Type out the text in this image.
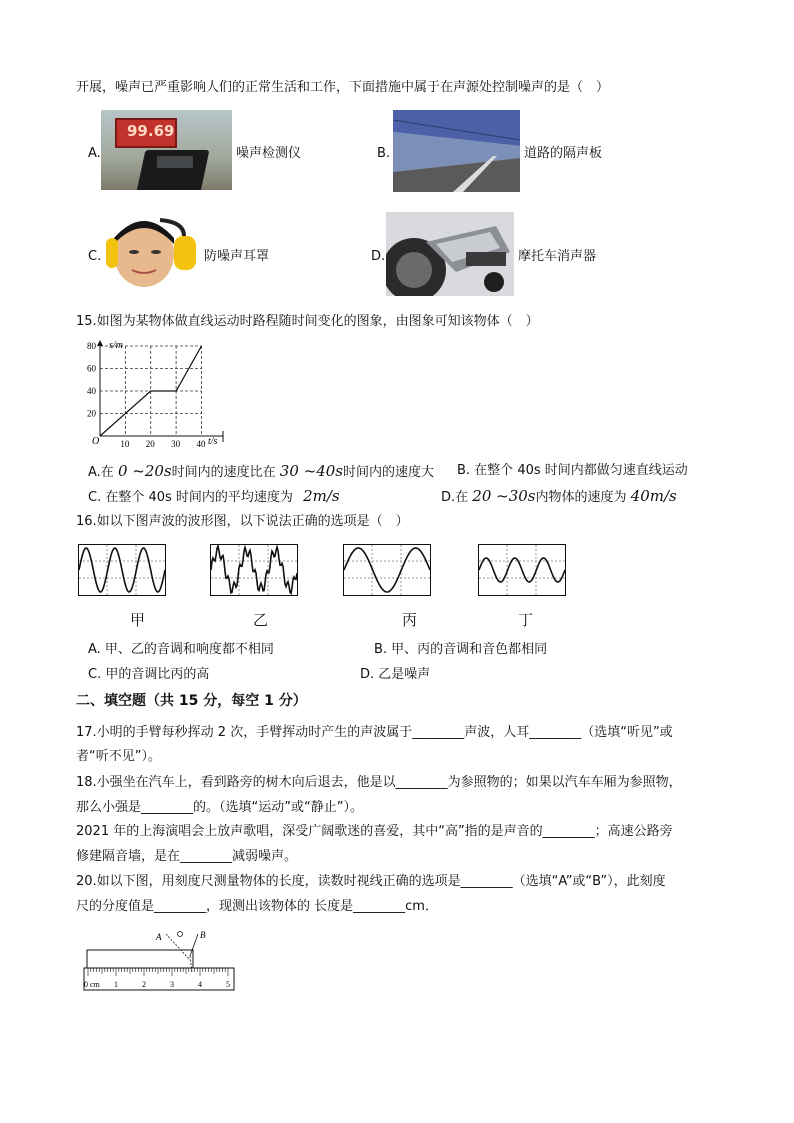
开展，噪声已严重影响人们的正常生活和工作，下面措施中属于在声源处控制噪声的是（　）
A.
99.69
噪声检测仪	B.	道路的隔声板
C.	防噪声耳罩	D.	摩托车消声器
15.如图为某物体做直线运动时路程随时间变化的图象，由图象可知该物体（　）
s/m
t/s
O 10 20 30 40
20
40
60
80
A.在 0 ~20s时间内的速度比在 30 ~40s时间内的速度大 B. 在整个 40s 时间内都做匀速直线运动
C. 在整个 40s 时间内的平均速度为 2m/s	D.在 20 ~30s内物体的速度为 40m/s
16.如以下图声波的波形图，以下说法正确的选项是（　）
甲	乙	丙	丁
A. 甲、乙的音调和响度都不相同	B. 甲、丙的音调和音色都相同
C. 甲的音调比丙的高	D. 乙是噪声
二、填空题（共 15 分，每空 1 分）
17.小明的手臂每秒挥动 2 次，手臂挥动时产生的声波属于________声波，人耳________（选填“听见”或
者“听不见”）。
18.小强坐在汽车上，看到路旁的树木向后退去，他是以________为参照物的；如果以汽车车厢为参照物，
那么小强是________的。（选填“运动”或“静止”）。
2021 年的上海演唱会上放声歌唱，深受广阔歌迷的喜爱，其中“高”指的是声音的________；高速公路旁
修建隔音墙，是在________减弱噪声。
20.如以下图，用刻度尺测量物体的长度，读数时视线正确的选项是________（选填“A”或“B”），此刻度
尺的分度值是________，现测出该物体的 长度是________cm．
A	B
0 cm 1	2	3	4	5
